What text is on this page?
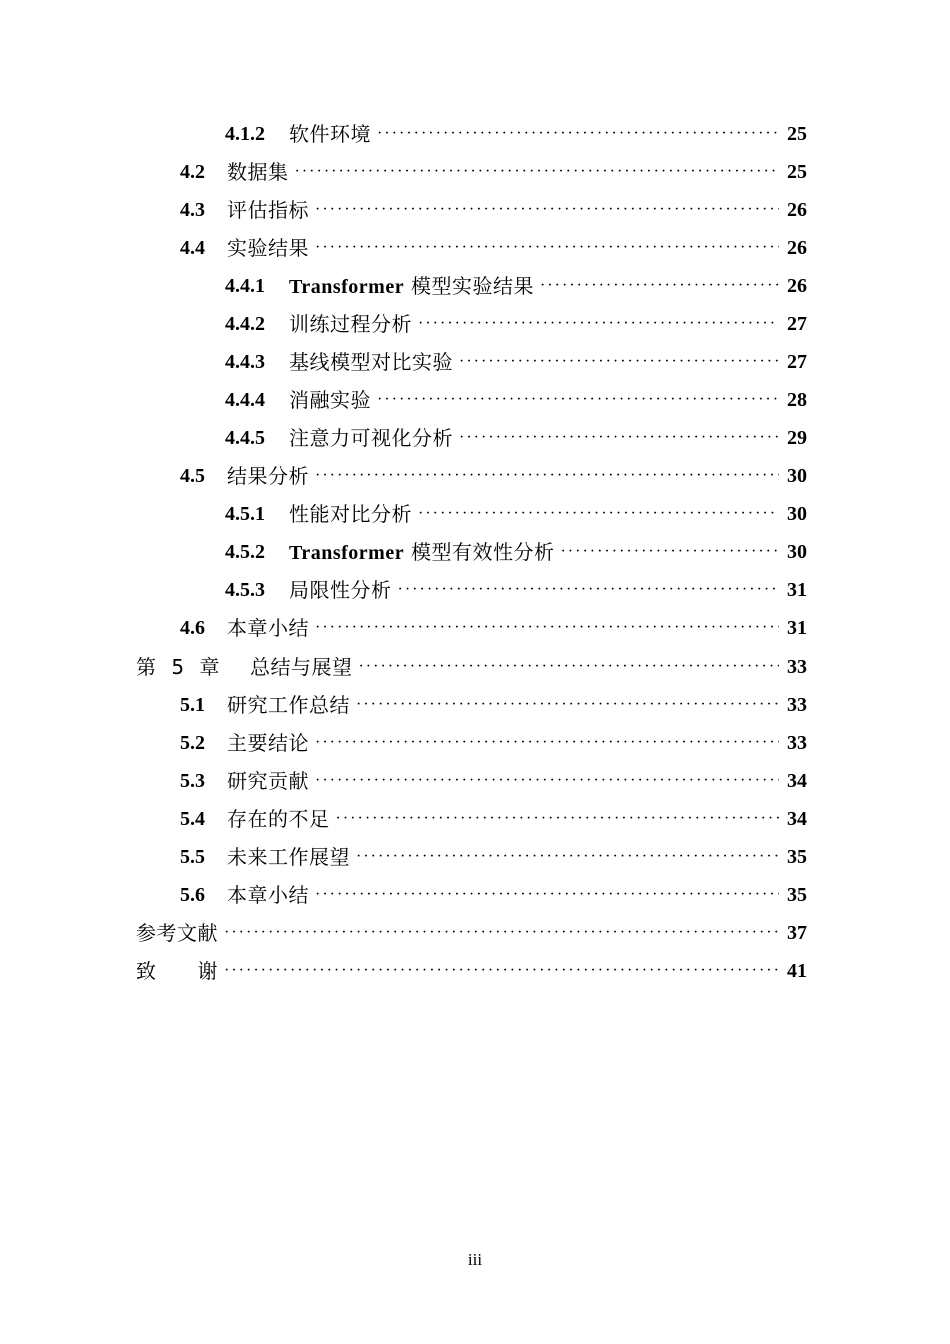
4.1.2 软件环境 ·····	25
4.2 数据集 ·····	25
4.3 评估指标 ·····	26
4.4 实验结果 ·····	26
4.4.1 Transformer 模型实验结果 ·····	26
4.4.2 训练过程分析 ·····	27
4.4.3 基线模型对比实验 ·····	27
4.4.4 消融实验 ·····	28
4.4.5 注意力可视化分析 ·····	29
4.5 结果分析 ·····	30
4.5.1 性能对比分析 ·····	30
4.5.2 Transformer 模型有效性分析 ·····	30
4.5.3 局限性分析 ·····	31
4.6 本章小结 ·····	31
第 5 章 总结与展望 ·····	33
5.1 研究工作总结 ·····	33
5.2 主要结论 ·····	33
5.3 研究贡献 ·····	34
5.4 存在的不足 ·····	34
5.5 未来工作展望 ·····	35
5.6 本章小结 ·····	35
参考文献 ·····	37
致　　谢 ·····	41
iii
